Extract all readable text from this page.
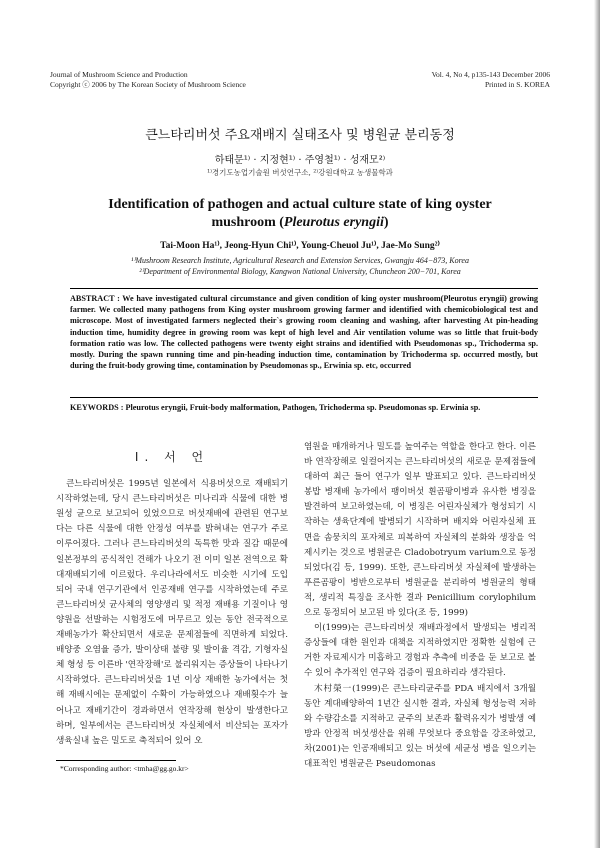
Journal of Mushroom Science and Production
Copyright ⓒ 2006 by The Korean Society of Mushroom Science
Vol. 4, No 4, p135-143 December 2006
Printed in S. KOREA
큰느타리버섯 주요재배지 실태조사 및 병원균 분리동정
하태문¹⁾ · 지정현¹⁾ · 주영철¹⁾ · 성재모²⁾
¹⁾경기도농업기술원 버섯연구소, ²⁾강원대학교 농생물학과
Identification of pathogen and actual culture state of king oyster
mushroom (Pleurotus eryngii)
Tai-Moon Ha¹⁾, Jeong-Hyun Chi¹⁾, Young-Cheuol Ju¹⁾, Jae-Mo Sung²⁾
¹⁾Mushroom Research Institute, Agricultural Research and Extension Services, Gwangju 464−873, Korea
²⁾Department of Environmental Biology, Kangwon National University, Chuncheon 200−701, Korea
ABSTRACT : We have investigated cultural circumstance and given condition of king oyster mushroom(Pleurotus eryngii) growing farmer. We collected many pathogens from King oyster mushroom growing farmer and identified with chemicobiological test and microscope. Most of investigated farmers neglected their`s growing room cleaning and washing, after harvesting At pin-heading induction time, humidity degree in growing room was kept of high level and Air ventilation volume was so little that fruit-body formation ratio was low. The collected pathogens were twenty eight strains and identified with Pseudomonas sp., Trichoderma sp. mostly. During the spawn running time and pin-heading induction time, contamination by Trichoderma sp. occurred mostly, but during the fruit-body growing time, contamination by Pseudomonas sp., Erwinia sp. etc, occurred
KEYWORDS : Pleurotus eryngii, Fruit-body malformation, Pathogen, Trichoderma sp. Pseudomonas sp. Erwinia sp.
Ⅰ. 서 언

큰느타리버섯은 1995년 일본에서 식용버섯으로 재배되기 시작하였는데, 당시 큰느타리버섯은 미나리과 식물에 대한 병원성 균으로 보고되어 있었으므로 버섯재배에 관련된 연구보다는 다른 식물에 대한 안정성 여부를 밝혀내는 연구가 주로 이루어졌다. 그러나 큰느타리버섯의 독특한 맛과 질감 때문에 일본정부의 공식적인 견해가 나오기 전 이미 일본 전역으로 확대재배되기에 이르렀다. 우리나라에서도 비슷한 시기에 도입되어 국내 연구기관에서 인공재배 연구를 시작하였는데 주로 큰느타리버섯 균사체의 영양생리 및 적정 재배용 기질이나 영양원을 선발하는 시험정도에 머무르고 있는 동안 전국적으로 재배농가가 확산되면서 새로운 문제점들에 직면하게 되었다. 배양중 오염율 증가, 발이상태 불량 및 발이율 격감, 기형자실체 형성 등 이른바 '연작장해'로 불리워지는 증상들이 나타나기 시작하였다. 큰느타리버섯을 1년 이상 재배한 농가에서는 첫해 재배시에는 문제없이 수확이 가능하였으나 재배횟수가 늘어나고 재배기간이 경과하면서 연작장해 현상이 발생한다고 하며, 일부에서는 큰느타리버섯 자실체에서 비산되는 포자가 생육실내 높은 밀도로 축적되어 있어 오

염원을 매개하거나 밀도를 높여주는 역할을 한다고 한다. 이른바 연작장해로 일컬어지는 큰느타리버섯의 새로운 문제점들에 대하여 최근 들어 연구가 일부 발표되고 있다. 큰느타리버섯 봉밥 병재배 농가에서 팽이버섯 흰곰팡이병과 유사한 병징을 발견하여 보고하였는데, 이 병징은 어린자실체가 형성되기 시작하는 생육단계에 발병되기 시작하며 배지와 어린자실체 표면을 솜뭉치의 포자체로 피복하여 자실체의 분화와 생장을 억제시키는 것으로 병원균은 Cladobotryum varium으로 동정되었다(김 등, 1999). 또한, 큰느타리버섯 자실체에 발생하는 푸른곰팡이 병반으로부터 병원균을 분리하여 병원균의 형태적, 생리적 특징을 조사한 결과 Penicillium corylophilum으로 동정되어 보고된 바 있다(조 등, 1999)

이(1999)는 큰느타리버섯 재배과정에서 발생되는 병리적 증상들에 대한 원인과 대책을 지적하였지만 정확한 실험에 근거한 자료제시가 미흡하고 경험과 추측에 비중을 둔 보고로 볼 수 있어 추가적인 연구와 검증이 필요하리라 생각된다.

木村榮一(1999)은 큰느타리균주를 PDA 배지에서 3개월동안 계대배양하여 1년간 실시한 결과, 자실체 형성능력 저하와 수량감소를 지적하고 균주의 보존과 활력유지가 병발생 예방과 안정적 버섯생산을 위해 무엇보다 중요함을 강조하였고, 차(2001)는 인공재배되고 있는 버섯에 세균성 병을 일으키는 대표적인 병원균은 Pseudomonas

*Corresponding author: <tmha@gg.go.kr>
